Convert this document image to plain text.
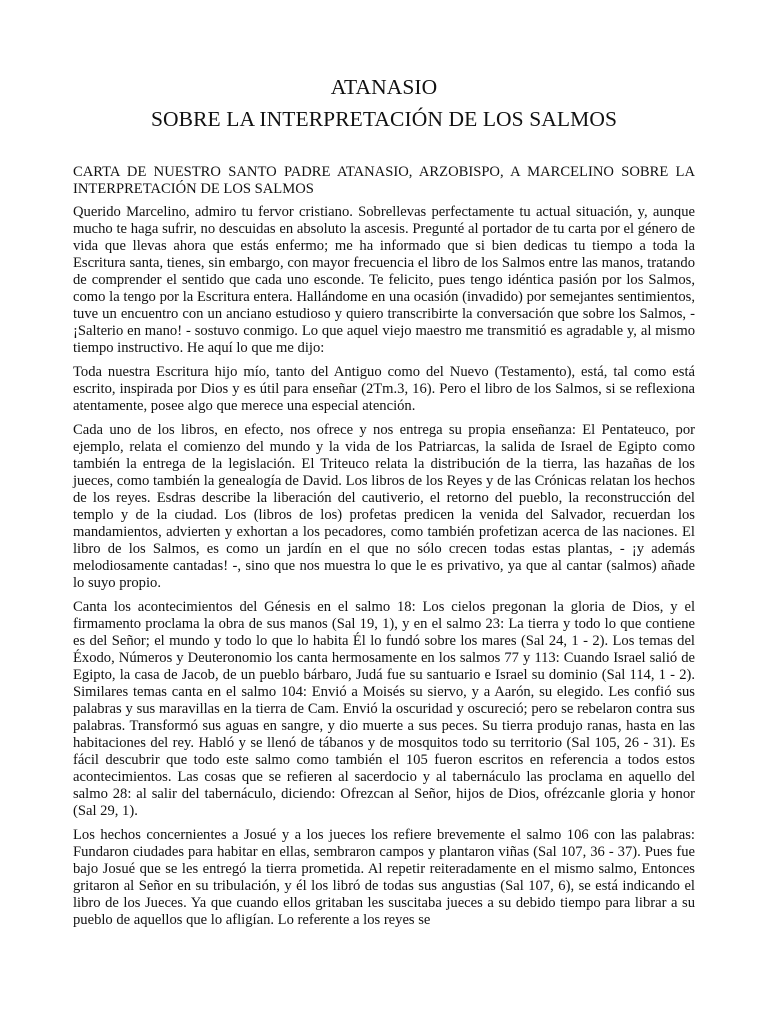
ATANASIO
SOBRE LA INTERPRETACIÓN DE LOS SALMOS

CARTA DE NUESTRO SANTO PADRE ATANASIO, ARZOBISPO, A MARCELINO SOBRE LA INTERPRETACIÓN DE LOS SALMOS

Querido Marcelino, admiro tu fervor cristiano. Sobrellevas perfectamente tu actual situación, y, aunque mucho te haga sufrir, no descuidas en absoluto la ascesis. Pregunté al portador de tu carta por el género de vida que llevas ahora que estás enfermo; me ha informado que si bien dedicas tu tiempo a toda la Escritura santa, tienes, sin embargo, con mayor frecuencia el libro de los Salmos entre las manos, tratando de comprender el sentido que cada uno esconde. Te felicito, pues tengo idéntica pasión por los Salmos, como la tengo por la Escritura entera. Hallándome en una ocasión (invadido) por semejantes sentimientos, tuve un encuentro con un anciano estudioso y quiero transcribirte la conversación que sobre los Salmos, - ¡Salterio en mano! - sostuvo conmigo. Lo que aquel viejo maestro me transmitió es agradable y, al mismo tiempo instructivo. He aquí lo que me dijo:

Toda nuestra Escritura hijo mío, tanto del Antiguo como del Nuevo (Testamento), está, tal como está escrito, inspirada por Dios y es útil para enseñar (2Tm.3, 16). Pero el libro de los Salmos, si se reflexiona atentamente, posee algo que merece una especial atención.

Cada uno de los libros, en efecto, nos ofrece y nos entrega su propia enseñanza: El Pentateuco, por ejemplo, relata el comienzo del mundo y la vida de los Patriarcas, la salida de Israel de Egipto como también la entrega de la legislación. El Triteuco relata la distribución de la tierra, las hazañas de los jueces, como también la genealogía de David. Los libros de los Reyes y de las Crónicas relatan los hechos de los reyes. Esdras describe la liberación del cautiverio, el retorno del pueblo, la reconstrucción del templo y de la ciudad. Los (libros de los) profetas predicen la venida del Salvador, recuerdan los mandamientos, advierten y exhortan a los pecadores, como también profetizan acerca de las naciones. El libro de los Salmos, es como un jardín en el que no sólo crecen todas estas plantas, - ¡y además melodiosamente cantadas! -, sino que nos muestra lo que le es privativo, ya que al cantar (salmos) añade lo suyo propio.

Canta los acontecimientos del Génesis en el salmo 18: Los cielos pregonan la gloria de Dios, y el firmamento proclama la obra de sus manos (Sal 19, 1), y en el salmo 23: La tierra y todo lo que contiene es del Señor; el mundo y todo lo que lo habita Él lo fundó sobre los mares (Sal 24, 1 - 2). Los temas del Éxodo, Números y Deuteronomio los canta hermosamente en los salmos 77 y 113: Cuando Israel salió de Egipto, la casa de Jacob, de un pueblo bárbaro, Judá fue su santuario e Israel su dominio (Sal 114, 1 - 2). Similares temas canta en el salmo 104: Envió a Moisés su siervo, y a Aarón, su elegido. Les confió sus palabras y sus maravillas en la tierra de Cam. Envió la oscuridad y oscureció; pero se rebelaron contra sus palabras. Transformó sus aguas en sangre, y dio muerte a sus peces. Su tierra produjo ranas, hasta en las habitaciones del rey. Habló y se llenó de tábanos y de mosquitos todo su territorio (Sal 105, 26 - 31). Es fácil descubrir que todo este salmo como también el 105 fueron escritos en referencia a todos estos acontecimientos. Las cosas que se refieren al sacerdocio y al tabernáculo las proclama en aquello del salmo 28: al salir del tabernáculo, diciendo: Ofrezcan al Señor, hijos de Dios, ofrézcanle gloria y honor (Sal 29, 1).

Los hechos concernientes a Josué y a los jueces los refiere brevemente el salmo 106 con las palabras: Fundaron ciudades para habitar en ellas, sembraron campos y plantaron viñas (Sal 107, 36 - 37). Pues fue bajo Josué que se les entregó la tierra prometida. Al repetir reiteradamente en el mismo salmo, Entonces gritaron al Señor en su tribulación, y él los libró de todas sus angustias (Sal 107, 6), se está indicando el libro de los Jueces. Ya que cuando ellos gritaban les suscitaba jueces a su debido tiempo para librar a su pueblo de aquellos que lo afligían. Lo referente a los reyes se
